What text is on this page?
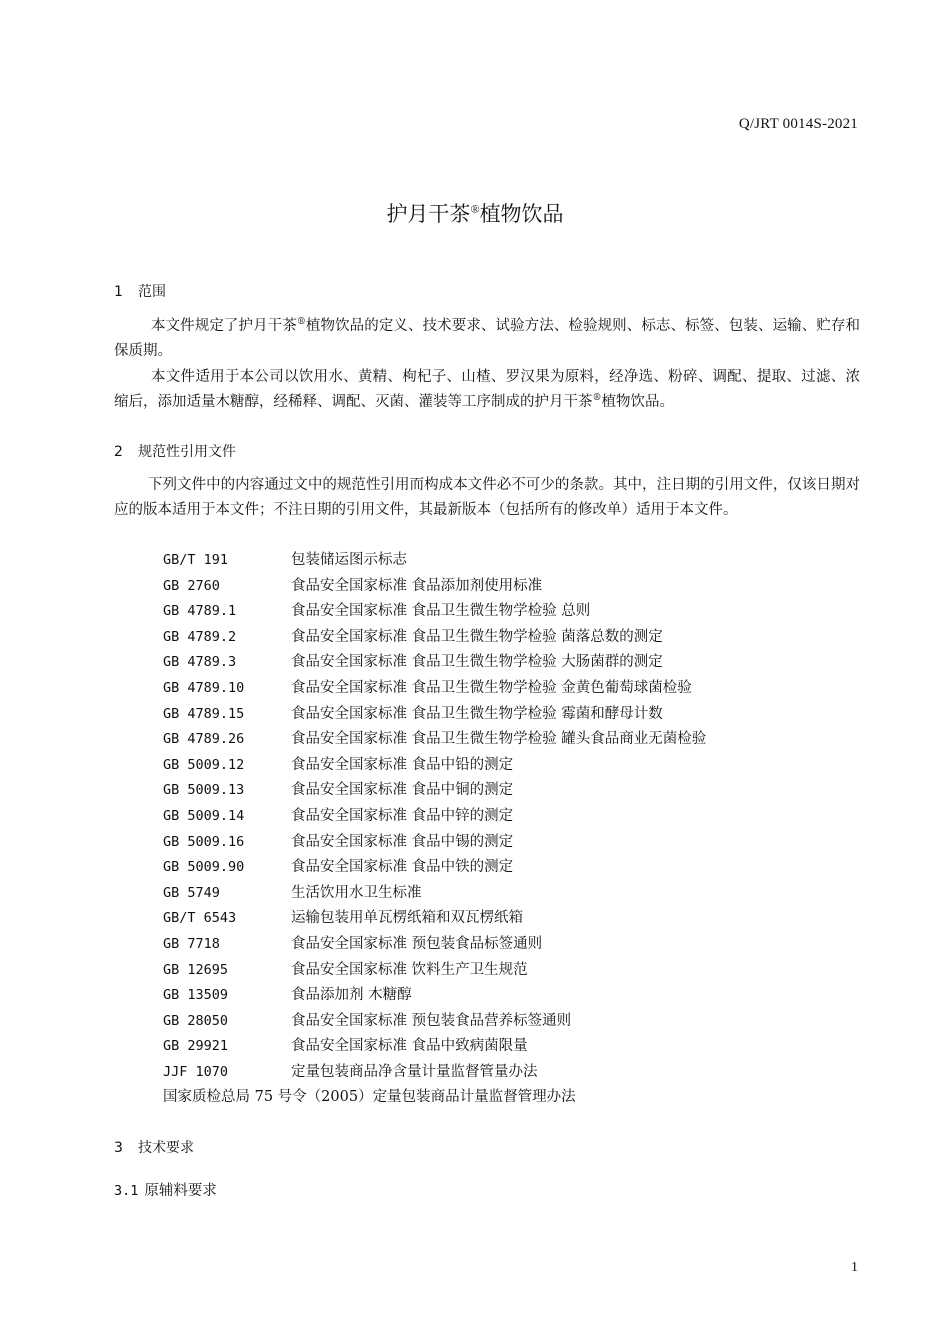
Q/JRT 0014S-2021
护月干茶®植物饮品
1 范围
本文件规定了护月干茶®植物饮品的定义、技术要求、试验方法、检验规则、标志、标签、包装、运输、贮存和保质期。
本文件适用于本公司以饮用水、黄精、枸杞子、山楂、罗汉果为原料，经净选、粉碎、调配、提取、过滤、浓缩后，添加适量木糖醇，经稀释、调配、灭菌、灌装等工序制成的护月干茶®植物饮品。
2 规范性引用文件
下列文件中的内容通过文中的规范性引用而构成本文件必不可少的条款。其中，注日期的引用文件，仅该日期对应的版本适用于本文件；不注日期的引用文件，其最新版本（包括所有的修改单）适用于本文件。
GB/T 191	包装储运图示标志
GB 2760	食品安全国家标准 食品添加剂使用标准
GB 4789.1	食品安全国家标准 食品卫生微生物学检验 总则
GB 4789.2	食品安全国家标准 食品卫生微生物学检验 菌落总数的测定
GB 4789.3	食品安全国家标准 食品卫生微生物学检验 大肠菌群的测定
GB 4789.10	食品安全国家标准 食品卫生微生物学检验 金黄色葡萄球菌检验
GB 4789.15	食品安全国家标准 食品卫生微生物学检验 霉菌和酵母计数
GB 4789.26	食品安全国家标准 食品卫生微生物学检验 罐头食品商业无菌检验
GB 5009.12	食品安全国家标准 食品中铅的测定
GB 5009.13	食品安全国家标准 食品中铜的测定
GB 5009.14	食品安全国家标准 食品中锌的测定
GB 5009.16	食品安全国家标准 食品中锡的测定
GB 5009.90	食品安全国家标准 食品中铁的测定
GB 5749	生活饮用水卫生标准
GB/T 6543	运输包装用单瓦楞纸箱和双瓦楞纸箱
GB 7718	食品安全国家标准 预包装食品标签通则
GB 12695	食品安全国家标准 饮料生产卫生规范
GB 13509	食品添加剂 木糖醇
GB 28050	食品安全国家标准 预包装食品营养标签通则
GB 29921	食品安全国家标准 食品中致病菌限量
JJF 1070	定量包装商品净含量计量监督管量办法
国家质检总局 75 号令（2005）定量包装商品计量监督管理办法
3 技术要求
3.1 原辅料要求
1
